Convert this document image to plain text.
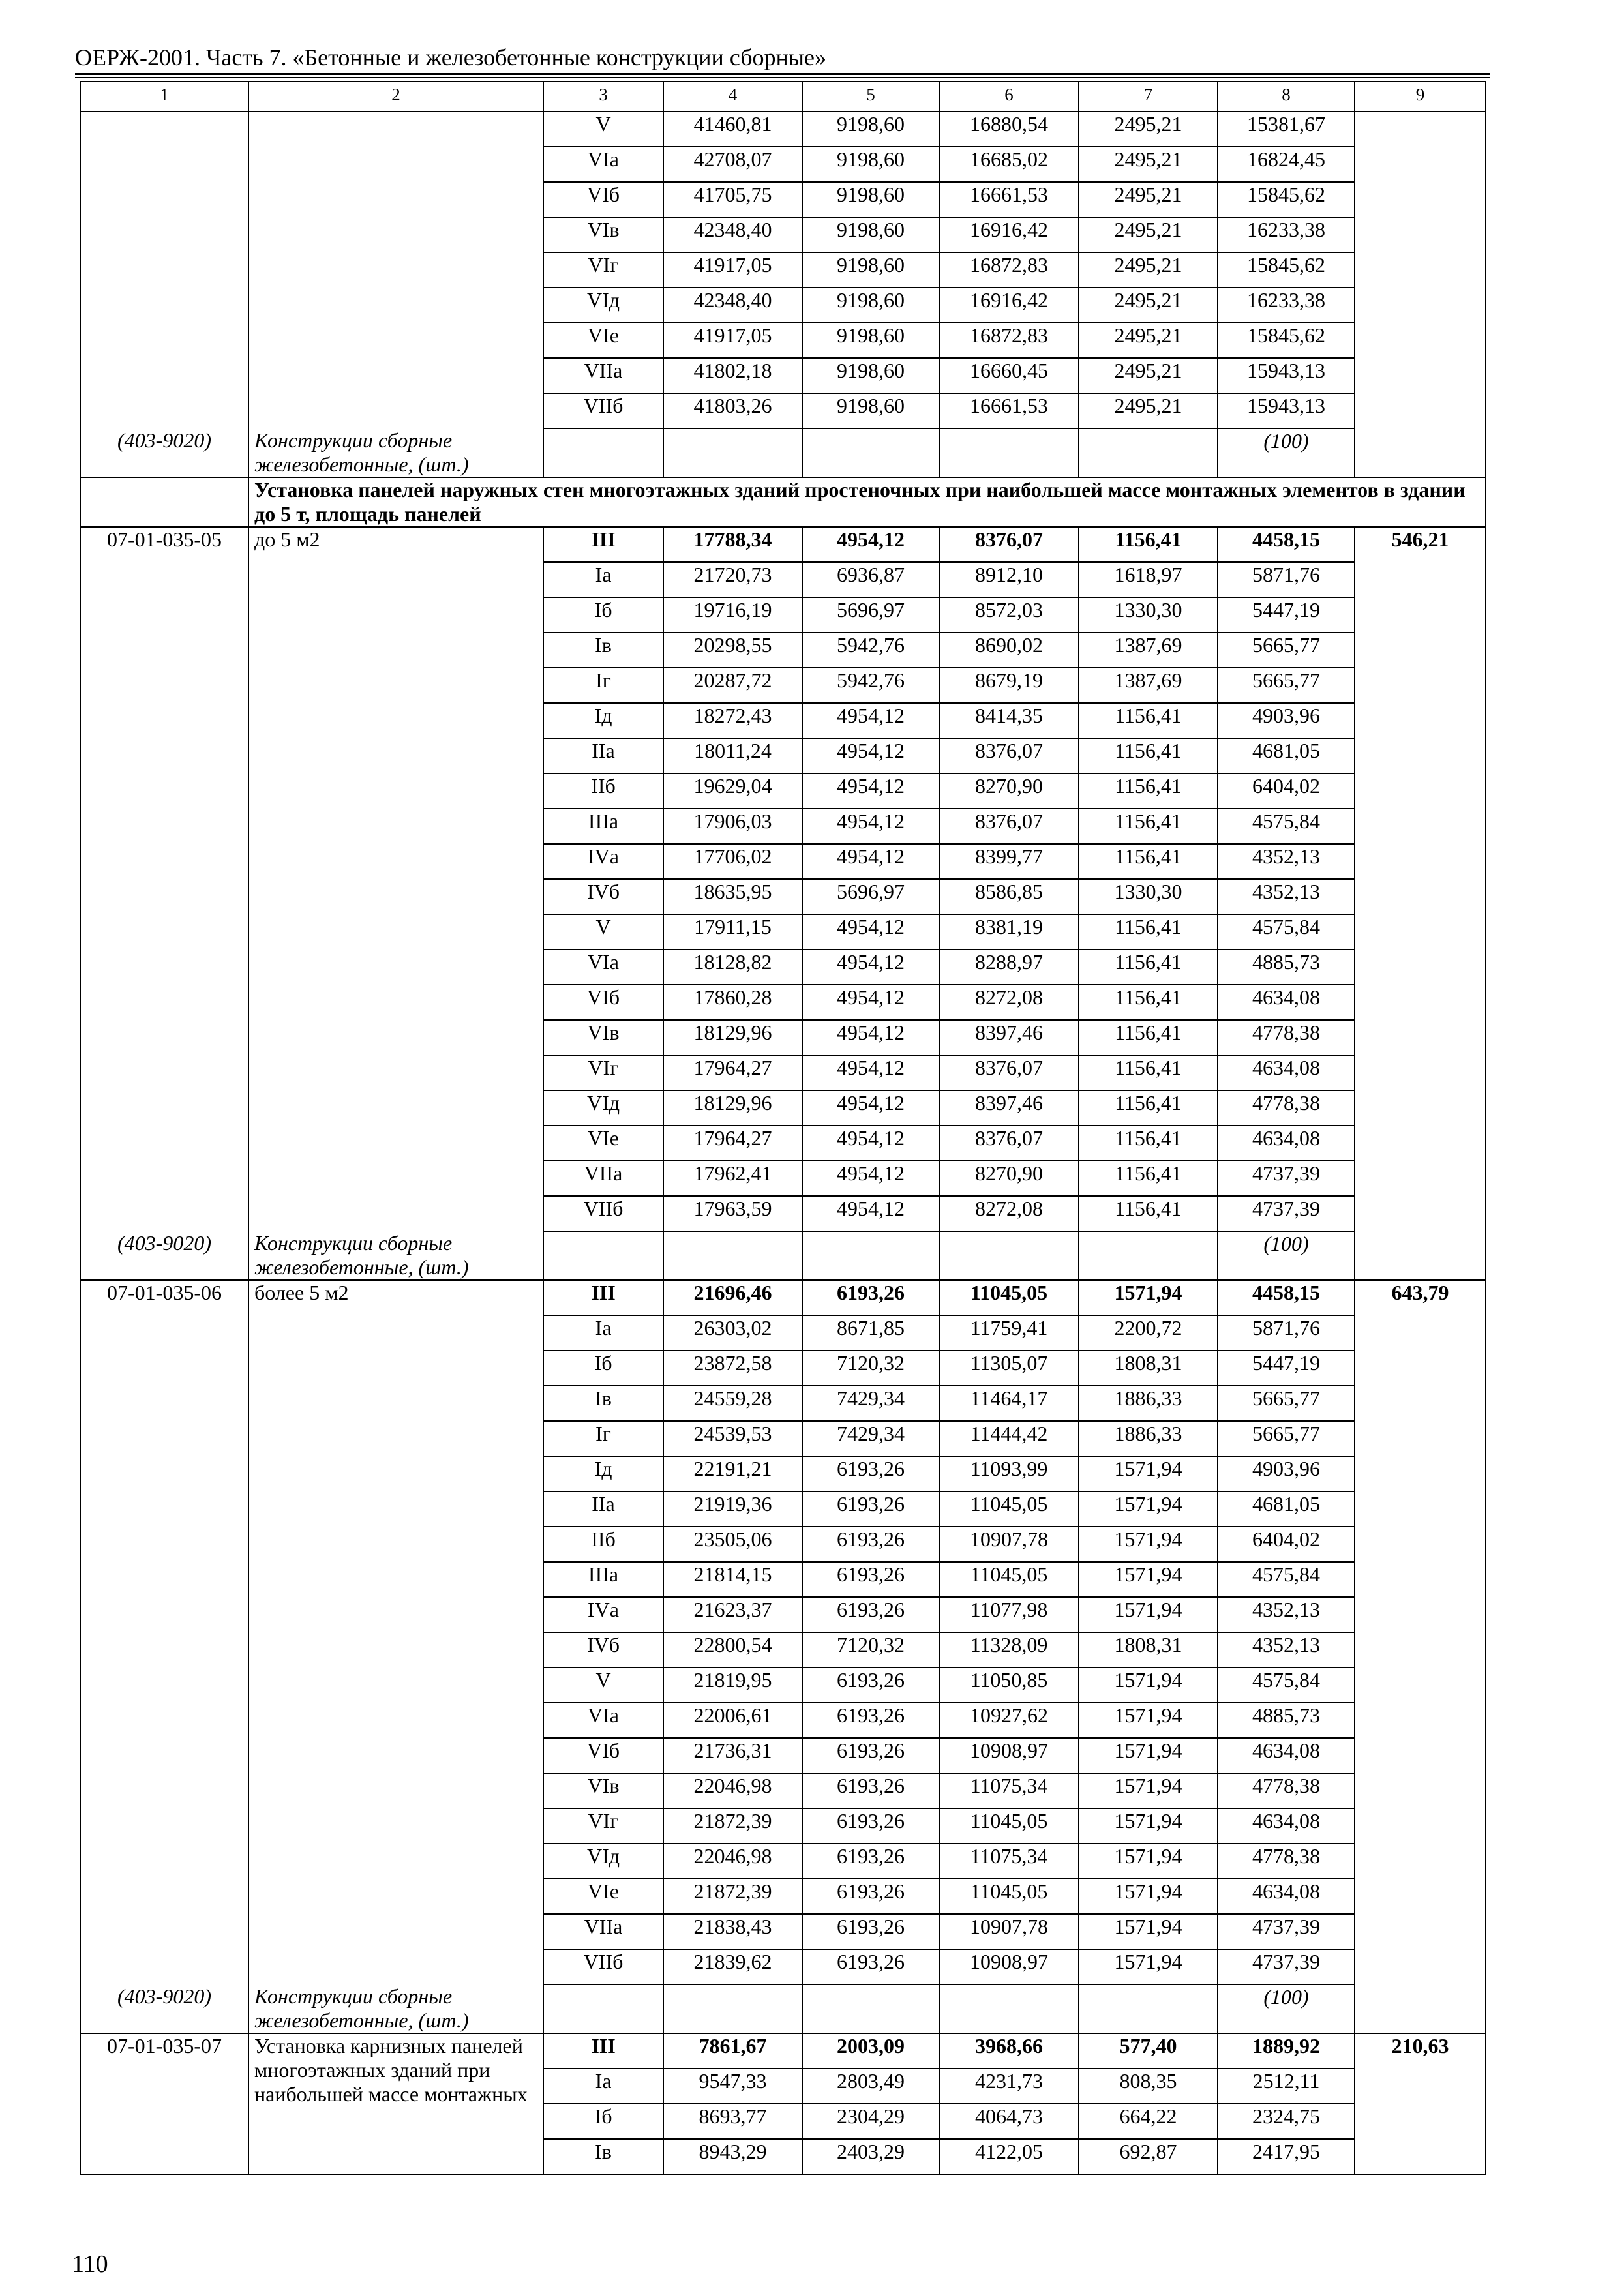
ОЕРЖ-2001. Часть 7. «Бетонные и железобетонные конструкции сборные»
1	2	3	4	5	6	7	8	9
		V	41460,81	9198,60	16880,54	2495,21	15381,67	
		VIа	42708,07	9198,60	16685,02	2495,21	16824,45	
		VIб	41705,75	9198,60	16661,53	2495,21	15845,62	
		VIв	42348,40	9198,60	16916,42	2495,21	16233,38	
		VIг	41917,05	9198,60	16872,83	2495,21	15845,62	
		VIд	42348,40	9198,60	16916,42	2495,21	16233,38	
		VIе	41917,05	9198,60	16872,83	2495,21	15845,62	
		VIIа	41802,18	9198,60	16660,45	2495,21	15943,13	
		VIIб	41803,26	9198,60	16661,53	2495,21	15943,13	
(403-9020)	Конструкции сборные железобетонные, (шт.)						(100)	
	Установка панелей наружных стен многоэтажных зданий простеночных при наибольшей массе монтажных элементов в здании до 5 т, площадь панелей							
07-01-035-05	до 5 м2	III	17788,34	4954,12	8376,07	1156,41	4458,15	546,21
		Iа	21720,73	6936,87	8912,10	1618,97	5871,76	
		Iб	19716,19	5696,97	8572,03	1330,30	5447,19	
		Iв	20298,55	5942,76	8690,02	1387,69	5665,77	
		Iг	20287,72	5942,76	8679,19	1387,69	5665,77	
		Iд	18272,43	4954,12	8414,35	1156,41	4903,96	
		IIа	18011,24	4954,12	8376,07	1156,41	4681,05	
		IIб	19629,04	4954,12	8270,90	1156,41	6404,02	
		IIIа	17906,03	4954,12	8376,07	1156,41	4575,84	
		IVа	17706,02	4954,12	8399,77	1156,41	4352,13	
		IVб	18635,95	5696,97	8586,85	1330,30	4352,13	
		V	17911,15	4954,12	8381,19	1156,41	4575,84	
		VIа	18128,82	4954,12	8288,97	1156,41	4885,73	
		VIб	17860,28	4954,12	8272,08	1156,41	4634,08	
		VIв	18129,96	4954,12	8397,46	1156,41	4778,38	
		VIг	17964,27	4954,12	8376,07	1156,41	4634,08	
		VIд	18129,96	4954,12	8397,46	1156,41	4778,38	
		VIе	17964,27	4954,12	8376,07	1156,41	4634,08	
		VIIа	17962,41	4954,12	8270,90	1156,41	4737,39	
		VIIб	17963,59	4954,12	8272,08	1156,41	4737,39	
(403-9020)	Конструкции сборные железобетонные, (шт.)						(100)	
07-01-035-06	более 5 м2	III	21696,46	6193,26	11045,05	1571,94	4458,15	643,79
		Iа	26303,02	8671,85	11759,41	2200,72	5871,76	
		Iб	23872,58	7120,32	11305,07	1808,31	5447,19	
		Iв	24559,28	7429,34	11464,17	1886,33	5665,77	
		Iг	24539,53	7429,34	11444,42	1886,33	5665,77	
		Iд	22191,21	6193,26	11093,99	1571,94	4903,96	
		IIа	21919,36	6193,26	11045,05	1571,94	4681,05	
		IIб	23505,06	6193,26	10907,78	1571,94	6404,02	
		IIIа	21814,15	6193,26	11045,05	1571,94	4575,84	
		IVа	21623,37	6193,26	11077,98	1571,94	4352,13	
		IVб	22800,54	7120,32	11328,09	1808,31	4352,13	
		V	21819,95	6193,26	11050,85	1571,94	4575,84	
		VIа	22006,61	6193,26	10927,62	1571,94	4885,73	
		VIб	21736,31	6193,26	10908,97	1571,94	4634,08	
		VIв	22046,98	6193,26	11075,34	1571,94	4778,38	
		VIг	21872,39	6193,26	11045,05	1571,94	4634,08	
		VIд	22046,98	6193,26	11075,34	1571,94	4778,38	
		VIе	21872,39	6193,26	11045,05	1571,94	4634,08	
		VIIа	21838,43	6193,26	10907,78	1571,94	4737,39	
		VIIб	21839,62	6193,26	10908,97	1571,94	4737,39	
(403-9020)	Конструкции сборные железобетонные, (шт.)						(100)	
07-01-035-07	Установка карнизных панелей многоэтажных зданий при наибольшей массе монтажных	III	7861,67	2003,09	3968,66	577,40	1889,92	210,63
		Iа	9547,33	2803,49	4231,73	808,35	2512,11	
		Iб	8693,77	2304,29	4064,73	664,22	2324,75	
		Iв	8943,29	2403,29	4122,05	692,87	2417,95	
110
